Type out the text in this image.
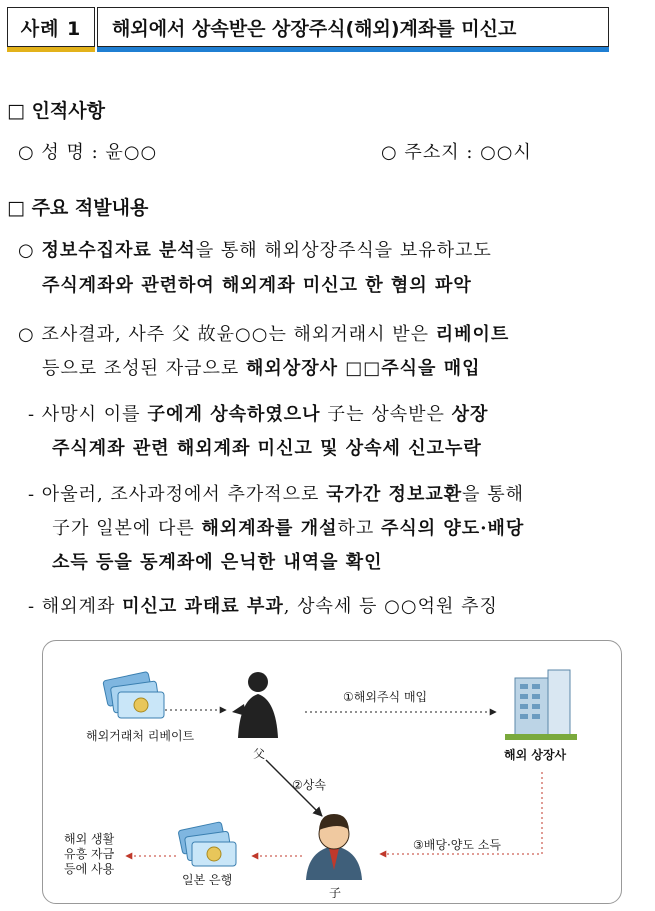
사례 1	해외에서 상속받은 상장주식(해외)계좌를 미신고
□ 인적사항
○ 성 명 : 윤○○	○ 주소지 : ○○시
□ 주요 적발내용
○ 정보수집자료 분석을 통해 해외상장주식을 보유하고도
주식계좌와 관련하여 해외계좌 미신고 한 혐의 파악
○ 조사결과, 사주 父 故윤○○는 해외거래시 받은 리베이트
등으로 조성된 자금으로 해외상장사 □□주식을 매입
- 사망시 이를 子에게 상속하였으나 子는 상속받은 상장
주식계좌 관련 해외계좌 미신고 및 상속세 신고누락
- 아울러, 조사과정에서 추가적으로 국가간 정보교환을 통해
子가 일본에 다른 해외계좌를 개설하고 주식의 양도·배당
소득 등을 동계좌에 은닉한 내역을 확인
- 해외계좌 미신고 과태료 부과, 상속세 등 ○○억원 추징
해외거래처 리베이트
父
①해외주식 매입
해외 상장사
②상속
③배당·양도 소득
子
일본 은행
해외 생활
유흥 자금
등에 사용
